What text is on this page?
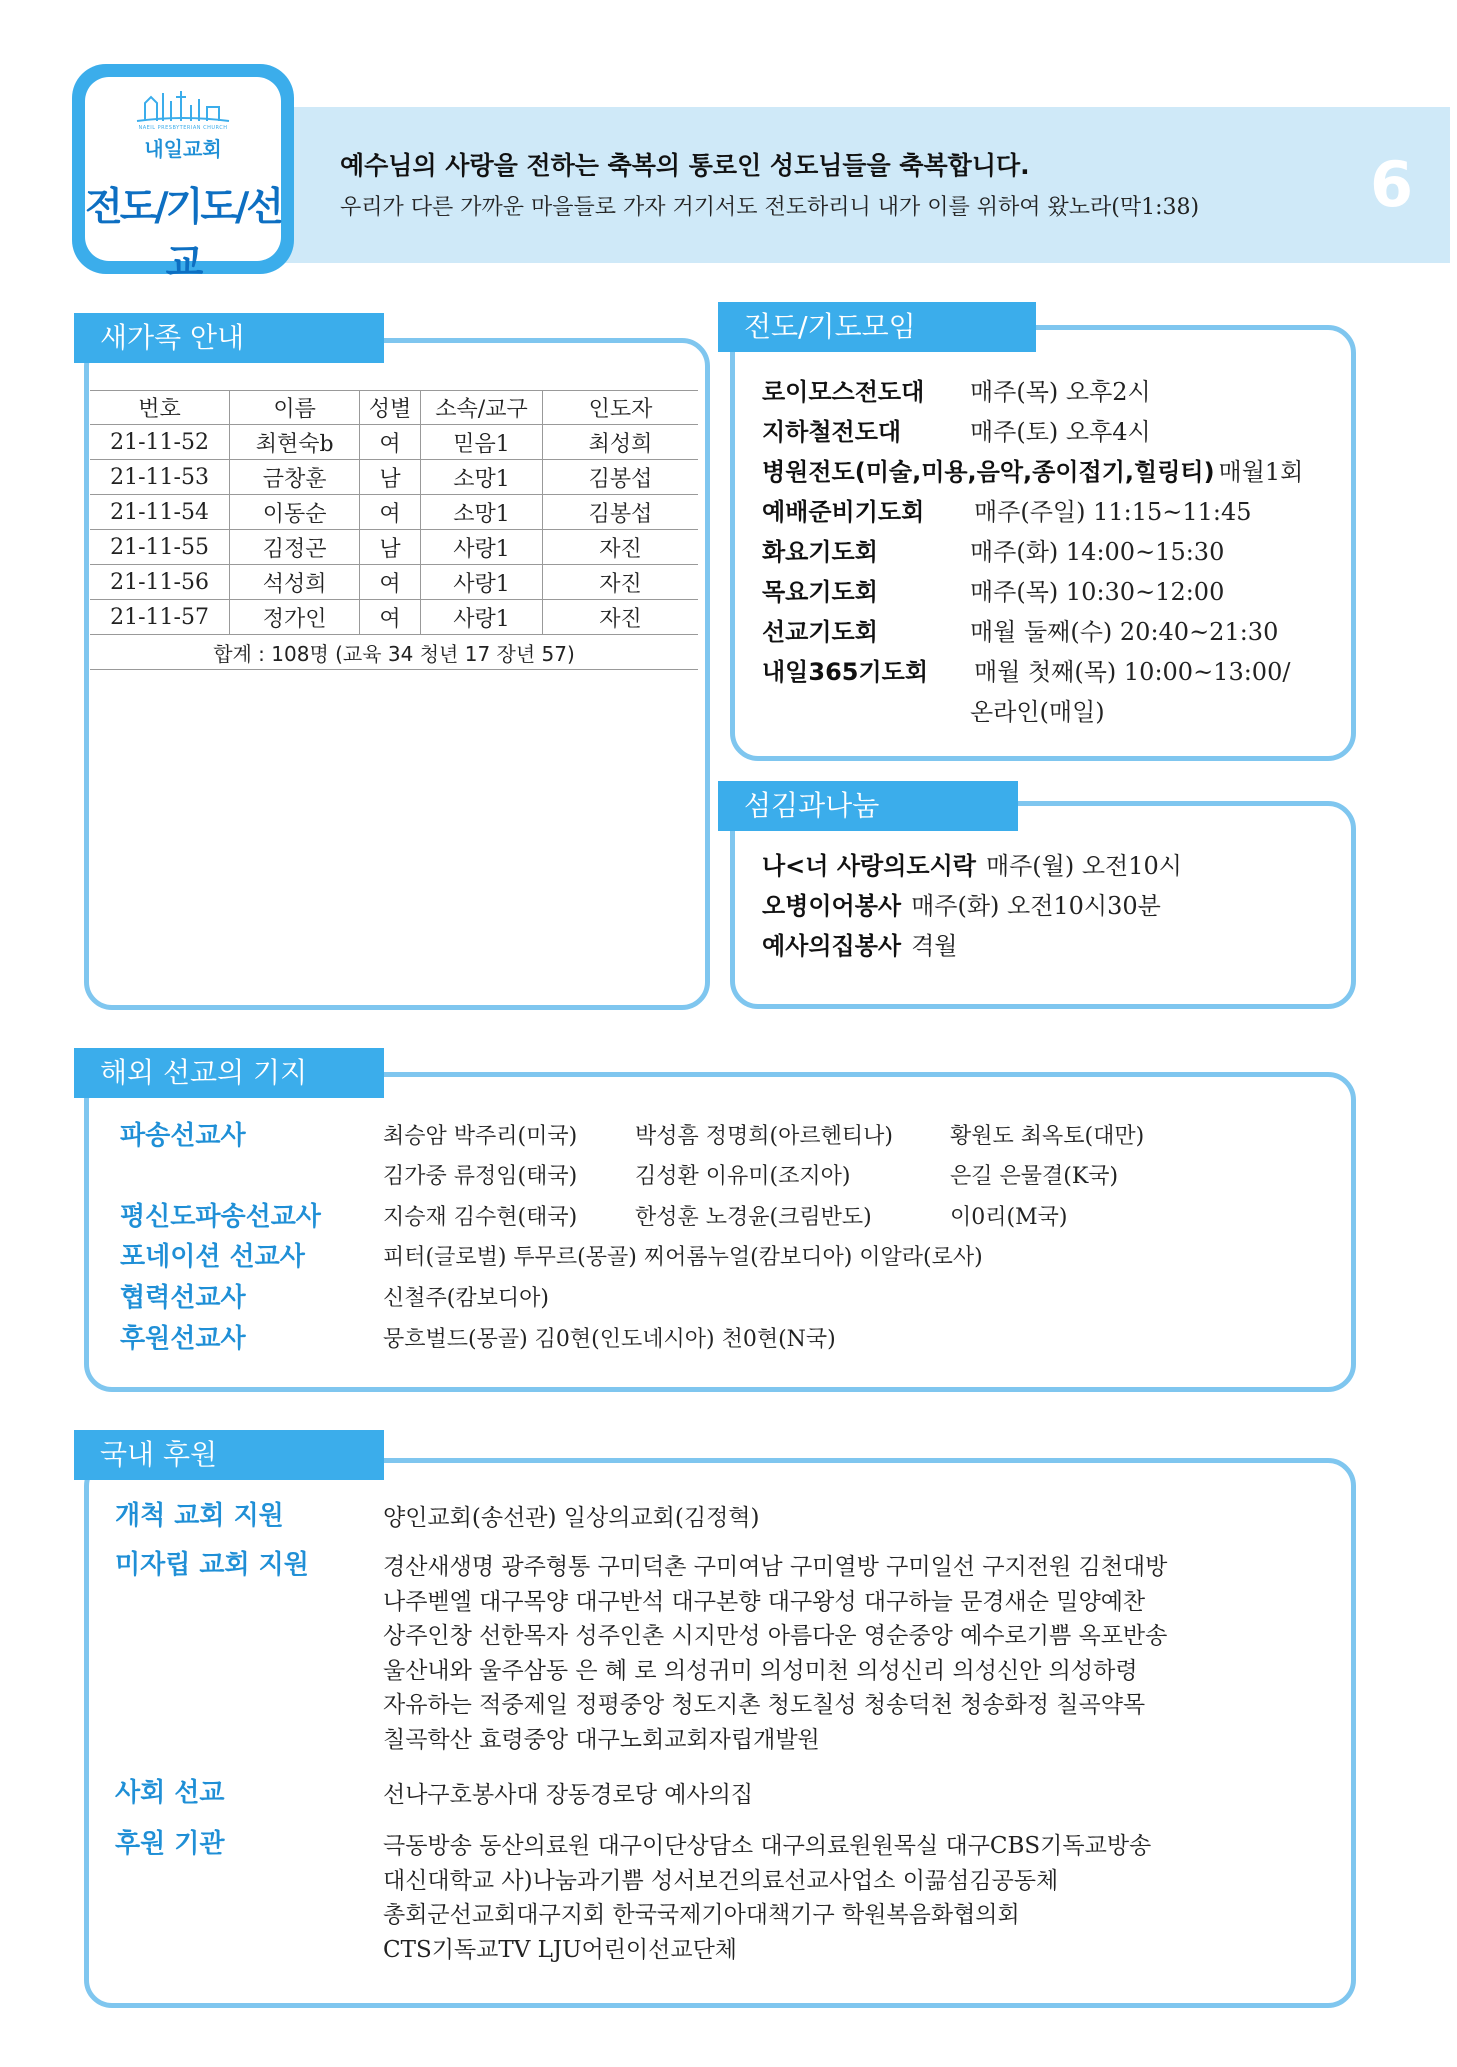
6
NAEIL PRESBYTERIAN CHURCH
내일교회
전도/기도/선교
예수님의 사랑을 전하는 축복의 통로인 성도님들을 축복합니다.
우리가 다른 가까운 마을들로 가자 거기서도 전도하리니 내가 이를 위하여 왔노라(막1:38)
새가족 안내
번호	이름	성별	소속/교구	인도자
21-11-52	최현숙b	여	믿음1	최성희
21-11-53	금창훈	남	소망1	김봉섭
21-11-54	이동순	여	소망1	김봉섭
21-11-55	김정곤	남	사랑1	자진
21-11-56	석성희	여	사랑1	자진
21-11-57	정가인	여	사랑1	자진
합계 : 108명 (교육 34 청년 17 장년 57)				
전도/기도모임
로이모스전도대 매주(목) 오후2시
지하철전도대	매주(토) 오후4시
병원전도(미술,미용,음악,종이접기,힐링티) 매월1회
예배준비기도회 매주(주일) 11:15~11:45
화요기도회	매주(화) 14:00~15:30
목요기도회	매주(목) 10:30~12:00
선교기도회	매월 둘째(수) 20:40~21:30
내일365기도회 매월 첫째(목) 10:00~13:00/
온라인(매일)
섬김과나눔
나<너 사랑의도시락 매주(월) 오전10시
오병이어봉사 매주(화) 오전10시30분
예사의집봉사 격월
해외 선교의 기지
파송선교사	최승암 박주리(미국)	박성흠 정명희(아르헨티나)	황원도 최옥토(대만)
김가중 류정임(태국)	김성환 이유미(조지아)	은길 은물결(K국)
평신도파송선교사	지승재 김수현(태국)	한성훈 노경윤(크림반도)	이0리(M국)
포네이션 선교사	피터(글로벌) 투무르(몽골) 찌어롬누얼(캄보디아) 이알라(로사)
협력선교사	신철주(캄보디아)
후원선교사	뭉흐벌드(몽골) 김0현(인도네시아) 천0현(N국)
국내 후원
개척 교회 지원	양인교회(송선관) 일상의교회(김정혁)
미자립 교회 지원	경산새생명 광주형통 구미덕촌 구미여남 구미열방 구미일선 구지전원 김천대방
나주벧엘 대구목양 대구반석 대구본향 대구왕성 대구하늘 문경새순 밀양예찬
상주인창 선한목자 성주인촌 시지만성 아름다운 영순중앙 예수로기쁨 옥포반송
울산내와 울주삼동 은 혜 로 의성귀미 의성미천 의성신리 의성신안 의성하령
자유하는 적중제일 정평중앙 청도지촌 청도칠성 청송덕천 청송화정 칠곡약목
칠곡학산 효령중앙 대구노회교회자립개발원
사회 선교	선나구호봉사대 장동경로당 예사의집
후원 기관	극동방송 동산의료원 대구이단상담소 대구의료원원목실 대구CBS기독교방송
대신대학교 사)나눔과기쁨 성서보건의료선교사업소 이끎섬김공동체
총회군선교회대구지회 한국국제기아대책기구 학원복음화협의회
CTS기독교TV LJU어린이선교단체
